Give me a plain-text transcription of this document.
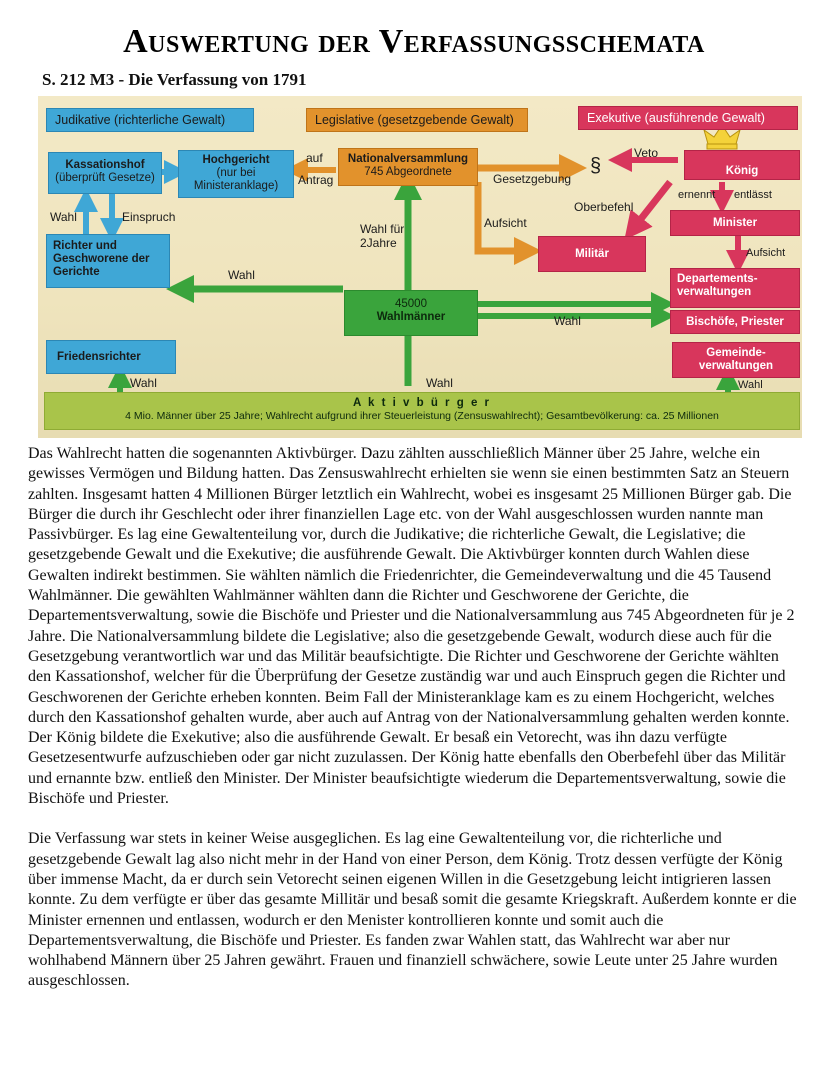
Auswertung der Verfassungsschemata
S. 212 M3 - Die Verfassung von 1791
Judikative (richterliche Gewalt)	Legislative (gesetzgebende Gewalt)	Exekutive (ausführende Gewalt)
Kassationshof
(überprüft Gesetze)
Hochgericht
(nur bei Ministeranklage)
Nationalversammlung
745 Abgeordnete	König
Minister
Richter und Geschworene der Gerichte
Militär
45000
Wahlmänner
Departements-verwaltungen
Bischöfe, Priester
Friedensrichter	Gemeinde-verwaltungen
A k t i v b ü r g e r
4 Mio. Männer über 25 Jahre; Wahlrecht aufgrund ihrer Steuerleistung (Zensuswahlrecht); Gesamtbevölkerung: ca. 25 Millionen
auf
Antrag
Veto
§
Gesetzgebung
ernennt entlässt
Oberbefehl
Aufsicht
Aufsicht
Wahl	Einspruch
Wahl für
2Jahre
Wahl
Wahl
Wahl	Wahl	Wahl

Das Wahlrecht hatten die sogenannten Aktivbürger. Dazu zählten ausschließlich Männer über 25 Jahre, welche ein gewisses Vermögen und Bildung hatten. Das Zensuswahlrecht erhielten sie wenn sie einen bestimmten Satz an Steuern zahlten. Insgesamt hatten 4 Millionen Bürger letztlich ein Wahlrecht, wobei es insgesamt 25 Millionen Bürger gab. Die Bürger die durch ihr Geschlecht oder ihrer finanziellen Lage etc. von der Wahl ausgeschlossen wurden nannte man Passivbürger. Es lag eine Gewaltenteilung vor, durch die Judikative; die richterliche Gewalt, die Legislative; die gesetzgebende Gewalt und die Exekutive; die ausführende Gewalt. Die Aktivbürger konnten durch Wahlen diese Gewalten indirekt bestimmen. Sie wählten nämlich die Friedenrichter, die Gemeindeverwaltung und die 45 Tausend Wahlmänner. Die gewählten Wahlmänner wählten dann die Richter und Geschworene der Gerichte, die Departementsverwaltung, sowie die Bischöfe und Priester und die Nationalversammlung aus 745 Abgeordneten für je 2 Jahre. Die Nationalversammlung bildete die Legislative; also die gesetzgebende Gewalt, wodurch diese auch für die Gesetzgebung verantwortlich war und das Militär beaufsichtigte. Die Richter und Geschworene der Gerichte wählten den Kassationshof, welcher für die Überprüfung der Gesetze zuständig war und auch Einspruch gegen die Richter und Geschworenen der Gerichte erheben konnten. Beim Fall der Ministeranklage kam es zu einem Hochgericht, welches durch den Kassationshof gehalten wurde, aber auch auf Antrag von der Nationalversammlung gehalten werden konnte. Der König bildete die Exekutive; also die ausführende Gewalt. Er besaß ein Vetorecht, was ihn dazu verfügte Gesetzesentwurfe aufzuschieben oder gar nicht zuzulassen. Der König hatte ebenfalls den Oberbefehl über das Militär und ernannte bzw. entließ den Minister. Der Minister beaufsichtigte wiederum die Departementsverwaltung, sowie die Bischöfe und Priester.

Die Verfassung war stets in keiner Weise ausgeglichen. Es lag eine Gewaltenteilung vor, die richterliche und gesetzgebende Gewalt lag also nicht mehr in der Hand von einer Person, dem König. Trotz dessen verfügte der König über immense Macht, da er durch sein Vetorecht seinen eigenen Willen in die Gesetzgebung leicht intigrieren lassen konnte. Zu dem verfügte er über das gesamte Millitär und besaß somit die gesamte Kriegskraft. Außerdem konnte er die Minister ernennen und entlassen, wodurch er den Menister kontrollieren konnte und somit auch die Departementsverwaltung, die Bischöfe und Priester. Es fanden zwar Wahlen statt, das Wahlrecht war aber nur wohlhabend Männern über 25 Jahren gewährt. Frauen und finanziell schwächere, sowie Leute unter 25 Jahre wurden ausgeschlossen.
